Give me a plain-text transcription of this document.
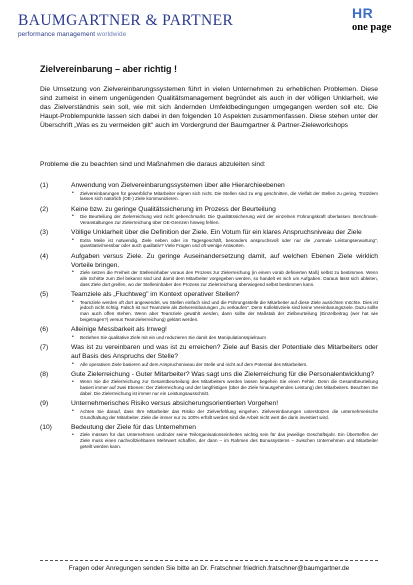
BAUMGARTNER & PARTNER
performance management worldwide
HR
one page
Zielvereinbarung – aber richtig !

Die Umsetzung von Zielvereinbarungssystemen führt in vielen Unternehmen zu erheblichen Problemen. Diese sind zumeist in einem ungenügenden Qualitätsmanagement begründet als auch in der völligen Unklarheit, wie das Zielverständnis sein soll, wie mit sich ändernden Umfeldbedingungen umgegangen werden soll etc. Die Haupt-Problempunkte lassen sich dabei in den folgenden 10 Aspekten zusammenfassen. Diese stehen unter der Überschrift „Was es zu vermeiden gilt" auch im Vordergrund der Baumgartner & Partner-Zieleworkshops

Probleme die zu beachten sind und Maßnahmen die daraus abzuleiten sind:

(1)	Anwendung von Zielvereinbarungssystemen über alle Hierarchieebenen
• Zielvereinbarungen für gewerbliche Mitarbeiter eignen sich nicht. Die Stellen sind zu eng geschnitten, die Vielfalt der Stellen zu gering. Trotzdem lassen sich natürlich (OE-) Ziele kommunizieren.
(2)	Keine bzw. zu geringe Qualitätssicherung im Prozess der Beurteilung
• Die Beurteilung der Zielerreichung wird nicht gebenchmarkt. Die Qualitätssicherung wird der einzelnen Führungskraft überlassen. Benchmark-Veranstaltungen zur Zielerreichung über OE-Grenzen hinweg fehlen.
(3)	Völlige Unklarheit über die Definition der Ziele. Ein Votum für ein klares Anspruchsniveau der Ziele
• Extra Meile ist notwendig. Ziele neben oder im Tagesgeschäft, besonders anspruchsvoll oder nur die „normale Leistungserwartung", quantitativ/messbar oder auch qualitativ? Viele Fragen und oft wenige Antworten.
(4)	Aufgaben versus Ziele. Zu geringe Auseinandersetzung damit, auf welchen Ebenen Ziele wirklich Vorteile bringen.
• Ziele setzen die Freiheit der Stelleninhaber voraus den Prozess zur Zielerreichung (in einem vorab definierten Maß) selbst zu bestimmen. Wenn alle Schritte zum Ziel bekannt sind und damit dem Mitarbeiter vorgegeben werden, so handelt es sich um Aufgaben. Daraus lässt sich ableiten, dass Ziele dort greifen, wo der Stelleninhaber den Prozess zur Zielerreichung überwiegend selbst bestimmen kann.
(5)	Teamziele als „Fluchtweg" im Kontext operativer Stellen?
• Teamziele werden oft dort angewendet, wo Stellen einfach sind und die Führungsstelle die Mitarbeiter auf diese Ziele ausrichten möchte. Dies ist jedoch nicht richtig. Falsch ist nur Teamziele als Zielvereinbarungen „zu verkaufen". Denn Kollektivziele sind keine Vereinbarungsziele. Dazu sollte man auch offen stehen. Wenn aber Teamziele gewählt werden, dann sollte der Maßstab der Zielbeurteilung (Einzelbeitrag (wer hat wie beigetragen?) versus Teamzielerreichung) geklärt werden.
(6)	Alleinige Messbarkeit als Irrweg!
• Beziehen Sie qualitative Ziele mit ein und reduzieren Sie damit den Manipulationsspielraum
(7)	Was ist zu vereinbaren und was ist zu erreichen? Ziele auf Basis der Potentiale des Mitarbeiters oder auf Basis des Anspruchs der Stelle?
• Alle operativen Ziele basieren auf dem Anspruchsniveau der Stelle und nicht auf dem Potential des Mitarbeiters.
(8)	Gute Zielerreichung - Guter Mitarbeiter? Was sagt uns die Zielerreichung für die Personalentwicklung?
• Wenn Sie die Zielerreichung zur Gesamtbeurteilung des Mitarbeiters werden lassen begehen Sie einen Fehler. Denn die Gesamtbeurteilung basiert immer auf zwei Ebenen: Der Zielerreichung und der langfristigen (über die Ziele hinausgehenden Leistung) des Mitarbeiters. Beachten Sie dabei: Die Zielerreichung ist immer nur ein Leistungsausschnitt.
(9)	Unternehmerisches Risiko versus absicherungsorientierten Vorgehen!
• Achten Sie darauf, dass Ihre Mitarbeiter das Risiko der Zielverfehlung eingehen. Zielvereinbarungen unterstützen die unternehmerische Grundhaltung der Mitarbeiter. Ziele die immer nur zu 100% erfüllt werden sind die Arbeit nicht wert die darin investiert wird.
(10)	Bedeutung der Ziele für das Unternehmen
• Ziele müssen für das Unternehmen und/oder seine Teilorganisationseinheiten wichtig sein für das jeweilige Geschäftsjahr. Ein Übertreffen der Ziele muss einen nachvollziehbaren Mehrwert schaffen, der dann – im Rahmen des Bonussystems – zwischen Unternehmen und Mitarbeiter geteilt werden kann.
Fragen oder Anregungen senden Sie bitte an Dr. Fratschner friedrich.fratschner@baumgartner.de
